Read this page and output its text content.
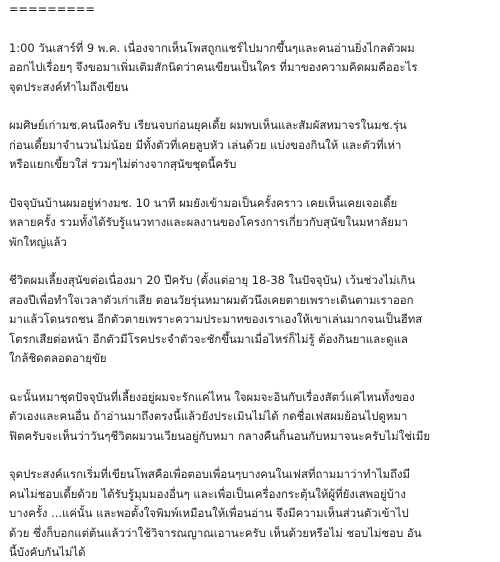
=========
1:00 วันเสาร์ที่ 9 พ.ค. เนื่องจากเห็นโพสถูกแชร์ไปมากขึ้นๆและคนอ่านยิ่งไกลตัวผม
ออกไปเรื่อยๆ จึงขอมาเพิ่มเติมสักนิดว่าคนเขียนเป็นใคร ที่มาของความคิดผมคืออะไร
จุดประสงค์ทำไมถึงเขียน
ผมศิษย์เก่ามช.คนนึงครับ เรียนจบก่อนยุคเดี้ย ผมพบเห็นและสัมผัสหมาจรในมช.รุ่น
ก่อนเดี้ยมาจำนวนไม่น้อย มีทั้งตัวที่เคยลูบหัว เล่นด้วย แบ่งของกินให้ และตัวที่เห่า
หรือแยกเขี้ยวใส่ รวมๆไม่ต่างจากสุนัขชุดนี้ครับ
ปัจจุบันบ้านผมอยู่ห่างมช. 10 นาที ผมยังเข้ามอเป็นครั้งคราว เคยเห็นเคยเจอเดี้ย
หลายครั้ง รวมทั้งได้รับรู้แนวทางและผลงานของโครงการเกี่ยวกับสุนัขในมหาลัยมา
พักใหญ่แล้ว
ชีวิตผมเลี้ยงสุนัขต่อเนื่องมา 20 ปีครับ (ตั้งแต่อายุ 18-38 ในปัจจุบัน) เว้นช่วงไม่เกิน
สองปีเพื่อทำใจเวลาตัวเก่าเสีย ตอนวัยรุ่นหมาผมตัวนึงเคยตายเพราะเดินตามเราออก
มาแล้วโดนรถชน อีกตัวตายเพราะความประมาทของเราเองให้เขาเล่นมากจนเป็นฮีทส
โตรกเสียต่อหน้า อีกตัวมีโรคประจำตัวจะชักขึ้นมาเมื่อไหร่ก็ไม่รู้ ต้องกินยาและดูแล
ใกล้ชิดตลอดอายุขัย
ฉะนั้นหมาชุดปัจจุบันที่เลี้ยงอยู่ผมจะรักแค่ไหน ใจผมจะอินกับเรื่องสัตว์แค่ไหนทั้งของ
ตัวเองและคนอื่น ถ้าอ่านมาถึงตรงนี้แล้วยังประเมินไม่ได้ กดชื่อเฟสผมย้อนไปดูหมา
ฟิตครับจะเห็นว่าวันๆชีวิตผมวนเวียนอยู่กับหมา กลางคืนก็นอนกับหมาจนะครับไม่ใช่เมีย
จุดประสงค์แรกเริ่มที่เขียนโพสคือเพื่อตอบเพื่อนๆบางคนในเฟสที่ถามมาว่าทำไมถึงมี
คนไม่ชอบเดี้ยด้วย ได้รับรู้มุมมองอื่นๆ และเพื่อเป็นเครื่องกระตุ้นให้ผู้ที่ยังเสพอยู่บ้าง
บางครั้ง ...แค่นั้น และพอตั้งใจพิมพ์เหมือนให้เพื่อนอ่าน จึงมีความเห็นส่วนตัวเข้าไป
ด้วย ซึ่งก็บอกแต่ต้นแล้วว่าใช้วิจารณญาณเอานะครับ เห็นด้วยหรือไม่ ชอบไม่ชอบ อัน
นี้บังคับกันไม่ได้
